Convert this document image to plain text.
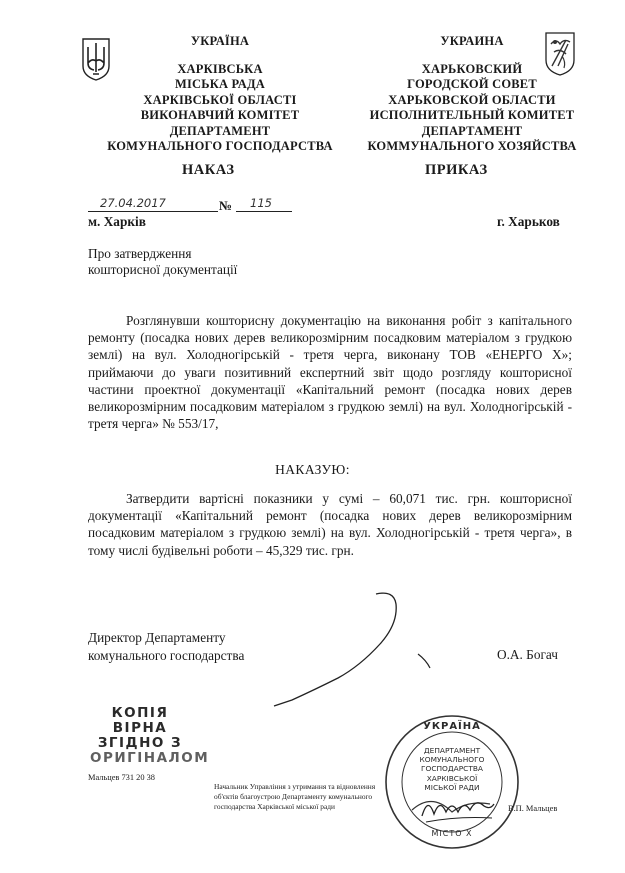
УКРАЇНА
ХАРКІВСЬКА
МІСЬКА РАДА
ХАРКІВСЬКОЇ ОБЛАСТІ
ВИКОНАВЧИЙ КОМІТЕТ
ДЕПАРТАМЕНТ
КОМУНАЛЬНОГО ГОСПОДАРСТВА
УКРАИНА
ХАРЬКОВСКИЙ
ГОРОДСКОЙ СОВЕТ
ХАРЬКОВСКОЙ ОБЛАСТИ
ИСПОЛНИТЕЛЬНЫЙ КОМИТЕТ
ДЕПАРТАМЕНТ
КОММУНАЛЬНОГО ХОЗЯЙСТВА
НАКАЗ	ПРИКАЗ
27.04.2017	№ 115
м. Харків	г. Харьков
Про затвердження
кошторисної документації

Розглянувши кошторисну документацію на виконання робіт з капітального ремонту (посадка нових дерев великорозмірним посадковим матеріалом з грудкою землі) на вул. Холодногірській - третя черга, виконану ТОВ «ЕНЕРГО Х»; приймаючи до уваги позитивний експертний звіт щодо розгляду кошторисної частини проектної документації «Капітальний ремонт (посадка нових дерев великорозмірним посадковим матеріалом з грудкою землі) на вул. Холодногірській - третя черга» № 553/17,

НАКАЗУЮ:

Затвердити вартісні показники у сумі – 60,071 тис. грн. кошторисної документації «Капітальний ремонт (посадка нових дерев великорозмірним посадковим матеріалом з грудкою землі) на вул. Холодногірській - третя черга», в тому числі будівельні роботи – 45,329 тис. грн.

Директор Департаменту
комунального господарства	О.А. Богач
КОПІЯ ВІРНА
ЗГІДНО З
ОРИГІНАЛОМ
Мальцев 731 20 38
Начальник Управління з утримання та відновлення
об'єктів благоустрою Департаменту комунального
господарства Харківської міської ради	В.П. Мальцев
УКРАЇНА
ДЕПАРТАМЕНТ
КОМУНАЛЬНОГО
ГОСПОДАРСТВА
ХАРКІВСЬКОЇ
МІСЬКОЇ РАДИ
МІСТО Х
